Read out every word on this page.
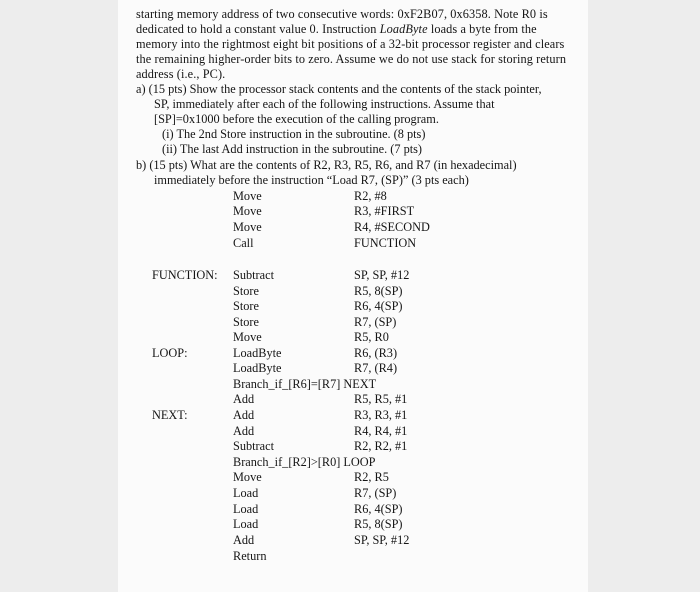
starting memory address of two consecutive words: 0xF2B07, 0x6358. Note R0 is
dedicated to hold a constant value 0. Instruction LoadByte loads a byte from the
memory into the rightmost eight bit positions of a 32-bit processor register and clears
the remaining higher-order bits to zero. Assume we do not use stack for storing return
address (i.e., PC).
a) (15 pts) Show the processor stack contents and the contents of the stack pointer,
SP, immediately after each of the following instructions. Assume that
[SP]=0x1000 before the execution of the calling program.
(i) The 2nd Store instruction in the subroutine. (8 pts)
(ii) The last Add instruction in the subroutine. (7 pts)
b) (15 pts) What are the contents of R2, R3, R5, R6, and R7 (in hexadecimal)
immediately before the instruction “Load R7, (SP)” (3 pts each)
Move	R2, #8
Move	R3, #FIRST
Move	R4, #SECOND
Call	FUNCTION
FUNCTION: Subtract	SP, SP, #12
Store	R5, 8(SP)
Store	R6, 4(SP)
Store	R7, (SP)
Move	R5, R0
LOOP:	LoadByte	R6, (R3)
LoadByte	R7, (R4)
Branch_if_[R6]=[R7] NEXT
Add	R5, R5, #1
NEXT:	Add	R3, R3, #1
Add	R4, R4, #1
Subtract	R2, R2, #1
Branch_if_[R2]>[R0] LOOP
Move	R2, R5
Load	R7, (SP)
Load	R6, 4(SP)
Load	R5, 8(SP)
Add	SP, SP, #12
Return
